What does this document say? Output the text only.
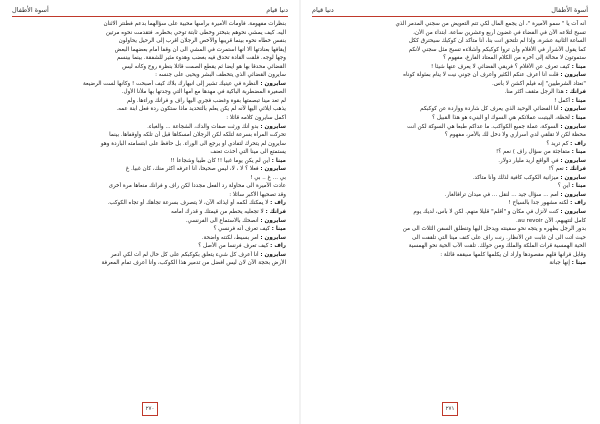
دنيا قيام
أسوة الأطفال
بنظرات مفهومة. فأومأت الأميرة برأسها محيية على سؤالهما بدعم فطنتر الاثنان
اليه. كيف يمشي نحوهم بتبختر وخطى ثابتة توحي بخطره. فتقدمت نحوه مرتين
بنفس خطاه نحوه بينما قريبها والأخص الرجلان أقرب إلى الرحيل يحاولون
إيقافها بعنادتها ألا أنها استمرت في المشي الى أن وقفا أمام بعضهما البعض
وجها لوجه. فلقت القادة تحدق فيه بغضب وهدوء مثير للشفقة. بينما بينسم
القضائي محدقا بها هو أيضا ثم يقطع الصمت قائلا بنظرة روح وكأنه ليس
سايرون القضائي الذي يتخطف البشر ويحيى على جنسه :
سايرون : النظرة في عينيك تشير إلى انبهارك بلاك كيف أصبحت ! وكأنها لست الرضيعة
الصغيرة المضطربة الباكية في مهدها مع أمها التي وجدتها بها ملأنا الأول.
لم تعد مينا تبصمتها بقوة وغضب فجري اليها راف و فرانك وراءها. ولم
يذهب ايلائي اليها لأنه لم يكن يعلم بالتحديد ماذا ستكون ردة فعل ابنة عمه.
أكمل سايرون كلامه قائلا :
سايرون : بدو أنك ورثت صفات والدك، الشجاعة ... والغباء.
تحركت المرأة بسرعة لتلكه لكن الرجلان أمسكاها قبل أن تلكه وأوقفاها. بينما
سايرون لم يتحرك لتفادي أو يرجع الى الوراء. بل حافظ على ابتسامته الباردة وهو
يستمتع الى مينا التي أخذت تعنف
مينا : أين لم يكن يوما غبيا !! كان طيبا وشجاعا !!
سايرون : فعلا ؟ لا ، لا، ليس صحيحا، أنا أعرفه أكثر منك، كان غبيا. غ
بي ... غ .. بي !
عادت الأميرة الى محاولة رد الفعل مجددا لكن راف و فرانك منعاها مرة أخرى
وقد تصحيها الأكبر سائلا :
راف : لا يمكنك لكمه أو ايذائه الآن، لا يتصرف بسرعة تجاهك أو تجاه الكوكب.
فرانك : لا تجعليه يحطم من قيمتك و قدرك أمامه
سايرون : أنصحك بالاستماع الى الفرنسي.
مينا : كيف تعرف أنه فرنسي ؟
سايرون : أمر بسيط، لكنته واضحة.
راف : كيف تعرف فرنسا من الأصل ؟
سايرون : أنا أعرف كل شيء يتعلق بكوكبكم على كل حال لم أت لكي أدمر
الأرض بحجة الآن لان ليس أفضل من تدمير هذا الكوكب، وأنا أعرف تمام المعرفة
٢٧٠
أسوة الأطفال
دنيا قيام
أنه آت يا " سمو الأميرة "، أن يجمع المال لكي تتم التعويض من سجني المدمر الذي
تسبح لتلاعه الأن في الفضاء في غضون أربع وعشرين ساعة. ابتداء من الأن،
الساعة الثانية عشرة، وإذا لم تلتحق انت بنا، أنا متأكد أن كوكبك سيحترق ككل
كما يقول الأشرار في الأفلام وأن تروا كوكبكم وأشلاءه تسبح مثل سجني لأنكم
ستموتون لا محالة إلى آخره من الكلام المعتاد الفارغ، مفهوم ؟
مينا : كيف تعرف عن الأفلام ؟ فريقي الفضائي لا يعرف عنها شيئا !
سايرون : قلت أنا أعرف عنكم الكثير وأعرف أن جوني نيت لا ينام بمثولة كوناه
"نعتاد الشرطيين" إنه فيلم أكشن لا بأس.
فرانك : هذا الرجل مثقف أكثر منا.
مينا : أكمل !
سايرون : أنا الفضائي الوحيد الذي يعرف كل شاردة وواردة عن كوكبكم
مينا : لحظة، البيتبت عملاتكم هي السوك أو البنيء هو هذا القبيل ؟
سايرون : السوكة، عملة جميع الكواكب. ما عداكم طبعا هي السوكة لكن أنت
محظة لكن لا تقلقي لدي أسراري ولا دخل لك بالأمر، مفهوم ؟
راف : كم تريد ؟
مينا : متفاجئة من سؤال راف ) نعم ؟!
سايرون : في الواقع أريد مليار دولار.
فرانك : نعم ؟!
سايرون : ميزانية الكوكب كافية لذلك وأنا متأكد.
مينا : أين ؟
سايرون : أمم ... سؤال جيد ... لنقل ... في ميدان ترافالغار.
راف : لكنه مشهور جدا بالسياح !
سايرون : كنت لأنزل في مكان و "أقلم" قليلا منهم. لكن لا بأس، لديك يوم
كامل لتتهيهم، الأن au revoir.
بدور الرجل بظهره و يتجه نحو سفينته ويدخل اليها وتنطلق السفن الثلاث الى من
حيث أتت الى أن غابت عن الأنظار. رنت راف على كتف مينا التي تلقفت الى
الحية الهمسية قرات الملكة والملك ومن حولك. تلقت الأب الحية نحو الهمسية
وقابل فرانها قلهم مقصودها وأراد أن يكلمها كلمها سيقفه قائلة :
مينا : إنها جبانة
٢٧١
